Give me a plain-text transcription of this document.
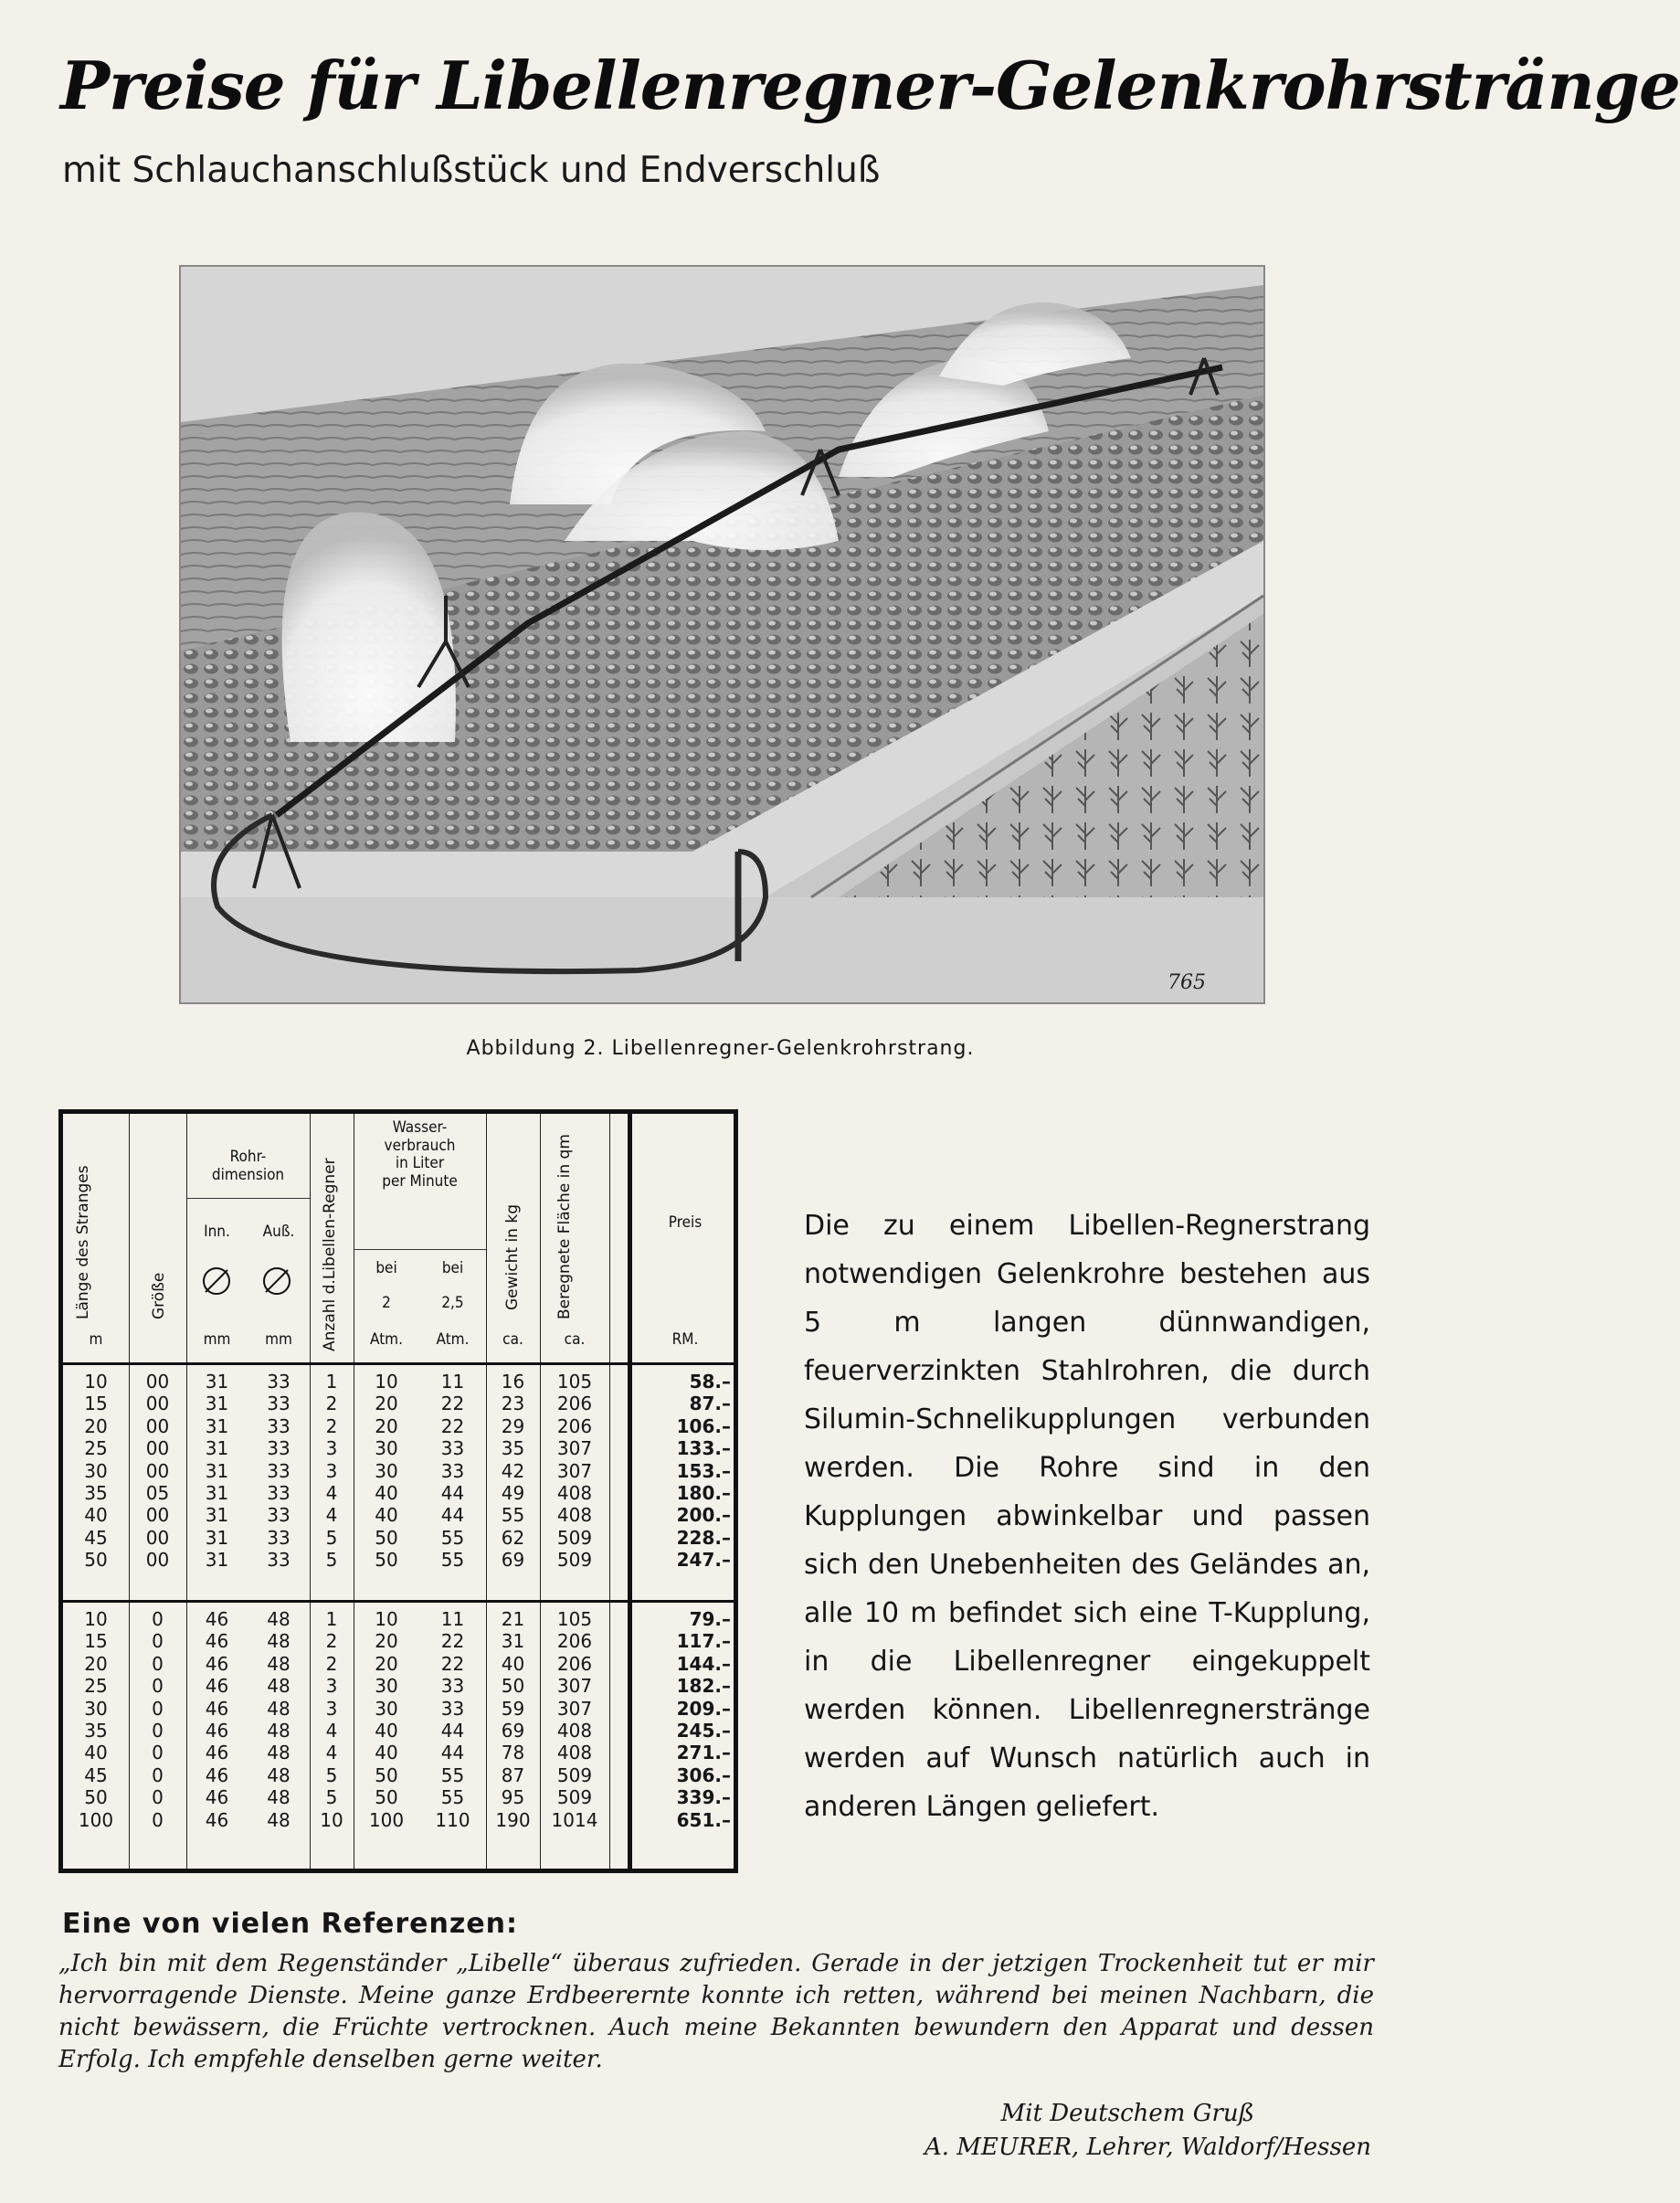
Preise für Libellenregner-Gelenkrohrstränge
mit Schlauchanschlußstück und Endverschluß
765
Abbildung 2. Libellenregner-Gelenkrohrstrang.
Länge des Stranges
m
Größe
Rohr-
dimension
Inn.	Auß.
mm	mm	Anzahl d.Libellen-Regner
Wasser-
verbrauch
in Liter
per Minute
bei	bei
2	2,5
Atm.	Atm.
Gewicht in kg
ca.
Beregnete Fläche in qm
ca.
Preis
RM.
10	00	31	33	1	10	11	16	105	58.–
15	00	31	33	2	20	22	23	206	87.–
20	00	31	33	2	20	22	29	206	106.–
25	00	31	33	3	30	33	35	307	133.–
30	00	31	33	3	30	33	42	307	153.–
35	05	31	33	4	40	44	49	408	180.–
40	00	31	33	4	40	44	55	408	200.–
45	00	31	33	5	50	55	62	509	228.–
50	00	31	33	5	50	55	69	509	247.–
10	0	46	48	1	10	11	21	105	79.–
15	0	46	48	2	20	22	31	206	117.–
20	0	46	48	2	20	22	40	206	144.–
25	0	46	48	3	30	33	50	307	182.–
30	0	46	48	3	30	33	59	307	209.–
35	0	46	48	4	40	44	69	408	245.–
40	0	46	48	4	40	44	78	408	271.–
45	0	46	48	5	50	55	87	509	306.–
50	0	46	48	5	50	55	95	509	339.–
100	0	46	48	10	100	110	190	1014	651.–

Die zu einem Libellen-Regnerstrang notwendigen Gelenkrohre bestehen aus 5 m langen dünnwandigen, feuerverzinkten Stahlrohren, die durch Silumin-Schnelikupplungen verbunden werden. Die Rohre sind in den Kupplungen abwinkelbar und passen sich den Unebenheiten des Geländes an, alle 10 m befindet sich eine T-Kupplung, in die Libellenregner eingekuppelt werden können. Libellenregnerstränge werden auf Wunsch natürlich auch in anderen Längen geliefert.

Eine von vielen Referenzen:
„Ich bin mit dem Regenständer „Libelle“ überaus zufrieden. Gerade in der jetzigen Trockenheit tut er mir hervorragende Dienste. Meine ganze Erdbeerernte konnte ich retten, während bei meinen Nachbarn, die nicht bewässern, die Früchte vertrocknen. Auch meine Bekannten bewundern den Apparat und dessen Erfolg. Ich empfehle denselben gerne weiter.
Mit Deutschem Gruß
A. MEURER, Lehrer, Waldorf/Hessen
